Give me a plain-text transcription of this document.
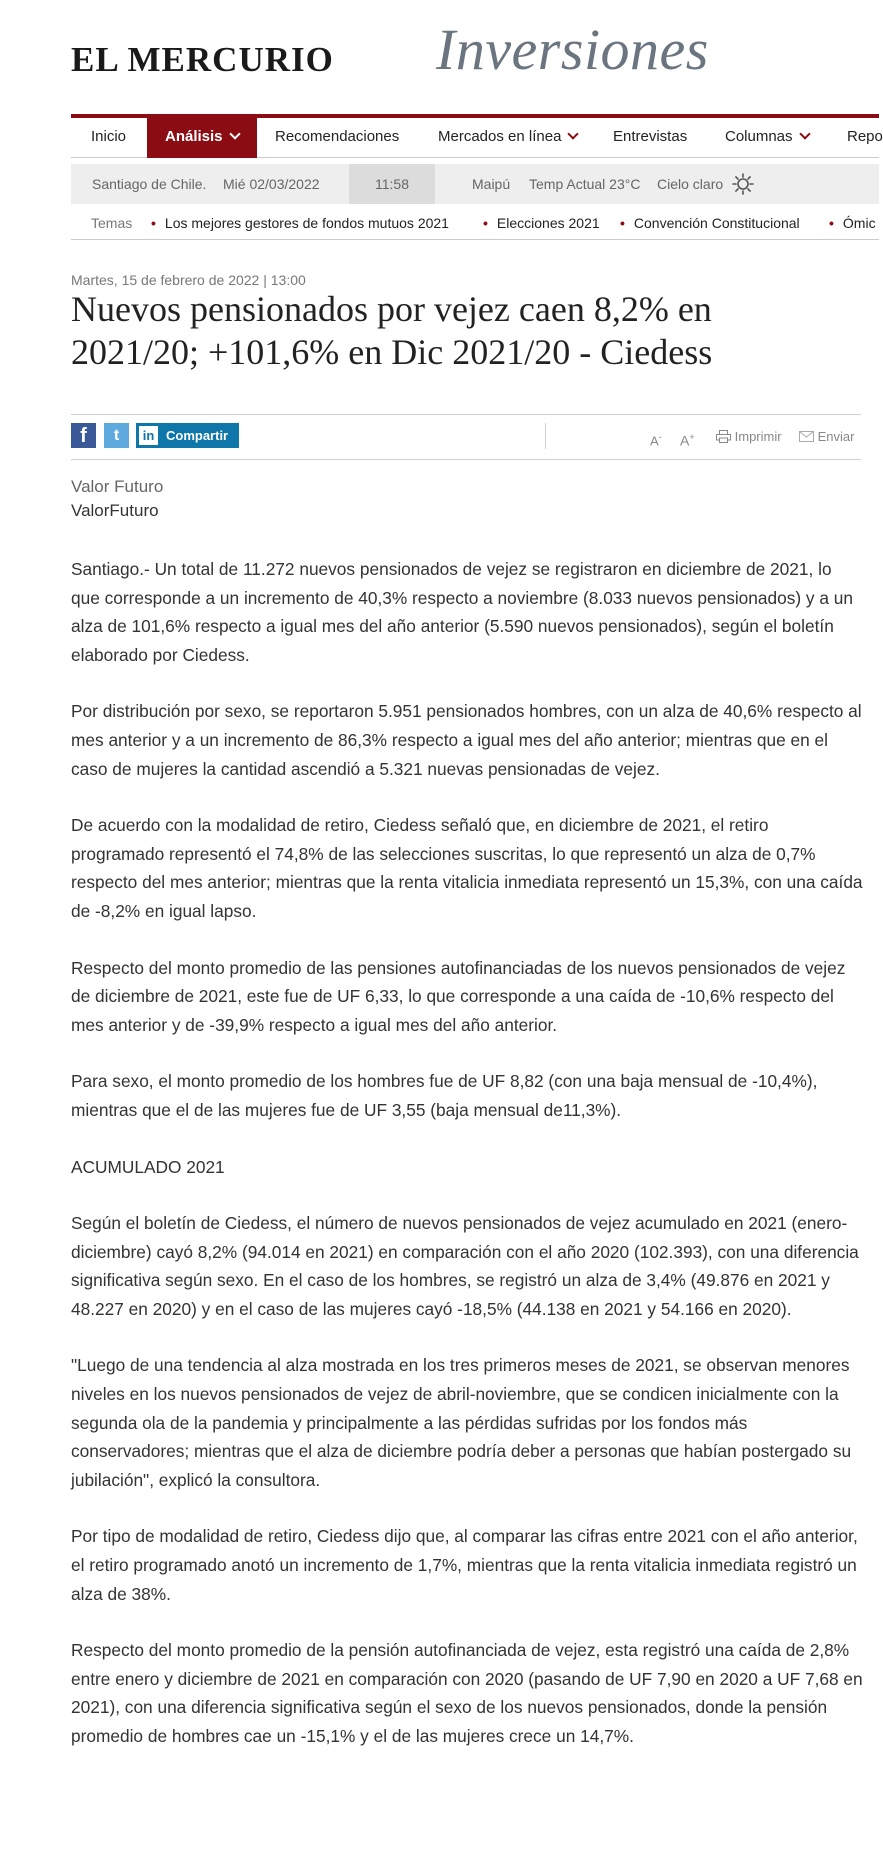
EL MERCURIO Inversiones
Inicio	Análisis	Recomendaciones	Mercados en línea	Entrevistas	Columnas	Repo
Santiago de Chile. Mié 02/03/2022	11:58	Maipú Temp Actual 23°C Cielo claro
Temas • Los mejores gestores de fondos mutuos 2021 • Elecciones 2021 • Convención Constitucional • Ómic
Martes, 15 de febrero de 2022 | 13:00
Nuevos pensionados por vejez caen 8,2% en
2021/20; +101,6% en Dic 2021/20 - Ciedess
f	t	in Compartir	A- A+	Imprimir	Enviar
Valor Futuro
ValorFuturo

Santiago.- Un total de 11.272 nuevos pensionados de vejez se registraron en diciembre de 2021, lo que corresponde a un incremento de 40,3% respecto a noviembre (8.033 nuevos pensionados) y a un alza de 101,6% respecto a igual mes del año anterior (5.590 nuevos pensionados), según el boletín elaborado por Ciedess.

Por distribución por sexo, se reportaron 5.951 pensionados hombres, con un alza de 40,6% respecto al mes anterior y a un incremento de 86,3% respecto a igual mes del año anterior; mientras que en el caso de mujeres la cantidad ascendió a 5.321 nuevas pensionadas de vejez.

De acuerdo con la modalidad de retiro, Ciedess señaló que, en diciembre de 2021, el retiro programado representó el 74,8% de las selecciones suscritas, lo que representó un alza de 0,7% respecto del mes anterior; mientras que la renta vitalicia inmediata representó un 15,3%, con una caída de -8,2% en igual lapso.

Respecto del monto promedio de las pensiones autofinanciadas de los nuevos pensionados de vejez de diciembre de 2021, este fue de UF 6,33, lo que corresponde a una caída de -10,6% respecto del mes anterior y de -39,9% respecto a igual mes del año anterior.

Para sexo, el monto promedio de los hombres fue de UF 8,82 (con una baja mensual de -10,4%), mientras que el de las mujeres fue de UF 3,55 (baja mensual de11,3%).

ACUMULADO 2021

Según el boletín de Ciedess, el número de nuevos pensionados de vejez acumulado en 2021 (enero-diciembre) cayó 8,2% (94.014 en 2021) en comparación con el año 2020 (102.393), con una diferencia significativa según sexo. En el caso de los hombres, se registró un alza de 3,4% (49.876 en 2021 y 48.227 en 2020) y en el caso de las mujeres cayó -18,5% (44.138 en 2021 y 54.166 en 2020).

"Luego de una tendencia al alza mostrada en los tres primeros meses de 2021, se observan menores niveles en los nuevos pensionados de vejez de abril-noviembre, que se condicen inicialmente con la segunda ola de la pandemia y principalmente a las pérdidas sufridas por los fondos más conservadores; mientras que el alza de diciembre podría deber a personas que habían postergado su jubilación", explicó la consultora.

Por tipo de modalidad de retiro, Ciedess dijo que, al comparar las cifras entre 2021 con el año anterior, el retiro programado anotó un incremento de 1,7%, mientras que la renta vitalicia inmediata registró un alza de 38%.

Respecto del monto promedio de la pensión autofinanciada de vejez, esta registró una caída de 2,8% entre enero y diciembre de 2021 en comparación con 2020 (pasando de UF 7,90 en 2020 a UF 7,68 en 2021), con una diferencia significativa según el sexo de los nuevos pensionados, donde la pensión promedio de hombres cae un -15,1% y el de las mujeres crece un 14,7%.
